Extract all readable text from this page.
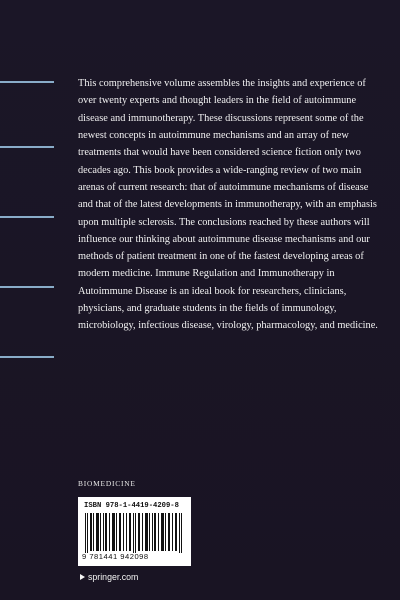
This comprehensive volume assembles the insights and experience of over twenty experts and thought leaders in the field of autoimmune disease and immunotherapy. These discussions represent some of the newest concepts in autoimmune mechanisms and an array of new treatments that would have been considered science fiction only two decades ago. This book provides a wide-ranging review of two main arenas of current research: that of autoimmune mechanisms of disease and that of the latest developments in immunotherapy, with an emphasis upon multiple sclerosis. The conclusions reached by these authors will influence our thinking about autoimmune disease mechanisms and our methods of patient treatment in one of the fastest developing areas of modern medicine. Immune Regulation and Immunotherapy in Autoimmune Disease is an ideal book for researchers, clinicians, physicians, and graduate students in the fields of immunology, microbiology, infectious disease, virology, pharmacology, and medicine.

BIOMEDICINE
ISBN 978-1-4419-4209-8
9 781441 942098
springer.com
